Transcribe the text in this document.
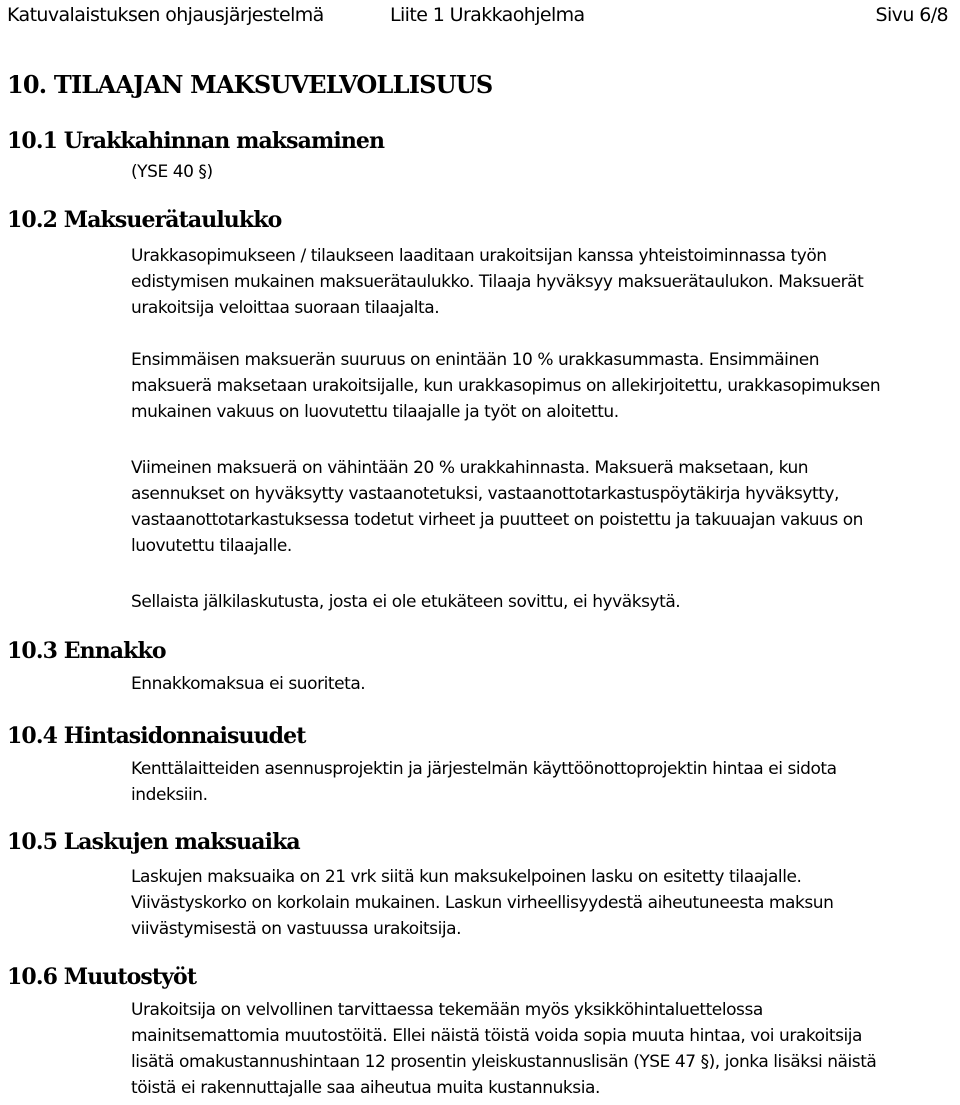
Katuvalaistuksen ohjausjärjestelmä	Liite 1 Urakkaohjelma	Sivu 6/8
10. TILAAJAN MAKSUVELVOLLISUUS
10.1 Urakkahinnan maksaminen
(YSE 40 §)
10.2 Maksuerätaulukko
Urakkasopimukseen / tilaukseen laaditaan urakoitsijan kanssa yhteistoiminnassa työn
edistymisen mukainen maksuerätaulukko. Tilaaja hyväksyy maksuerätaulukon. Maksuerät
urakoitsija veloittaa suoraan tilaajalta.
Ensimmäisen maksuerän suuruus on enintään 10 % urakkasummasta. Ensimmäinen
maksuerä maksetaan urakoitsijalle, kun urakkasopimus on allekirjoitettu, urakkasopimuksen
mukainen vakuus on luovutettu tilaajalle ja työt on aloitettu.
Viimeinen maksuerä on vähintään 20 % urakkahinnasta. Maksuerä maksetaan, kun
asennukset on hyväksytty vastaanotetuksi, vastaanottotarkastuspöytäkirja hyväksytty,
vastaanottotarkastuksessa todetut virheet ja puutteet on poistettu ja takuuajan vakuus on
luovutettu tilaajalle.
Sellaista jälkilaskutusta, josta ei ole etukäteen sovittu, ei hyväksytä.
10.3 Ennakko
Ennakkomaksua ei suoriteta.
10.4 Hintasidonnaisuudet
Kenttälaitteiden asennusprojektin ja järjestelmän käyttöönottoprojektin hintaa ei sidota
indeksiin.
10.5 Laskujen maksuaika
Laskujen maksuaika on 21 vrk siitä kun maksukelpoinen lasku on esitetty tilaajalle.
Viivästyskorko on korkolain mukainen. Laskun virheellisyydestä aiheutuneesta maksun
viivästymisestä on vastuussa urakoitsija.
10.6 Muutostyöt
Urakoitsija on velvollinen tarvittaessa tekemään myös yksikköhintaluettelossa
mainitsemattomia muutostöitä. Ellei näistä töistä voida sopia muuta hintaa, voi urakoitsija
lisätä omakustannushintaan 12 prosentin yleiskustannuslisän (YSE 47 §), jonka lisäksi näistä
töistä ei rakennuttajalle saa aiheutua muita kustannuksia.
